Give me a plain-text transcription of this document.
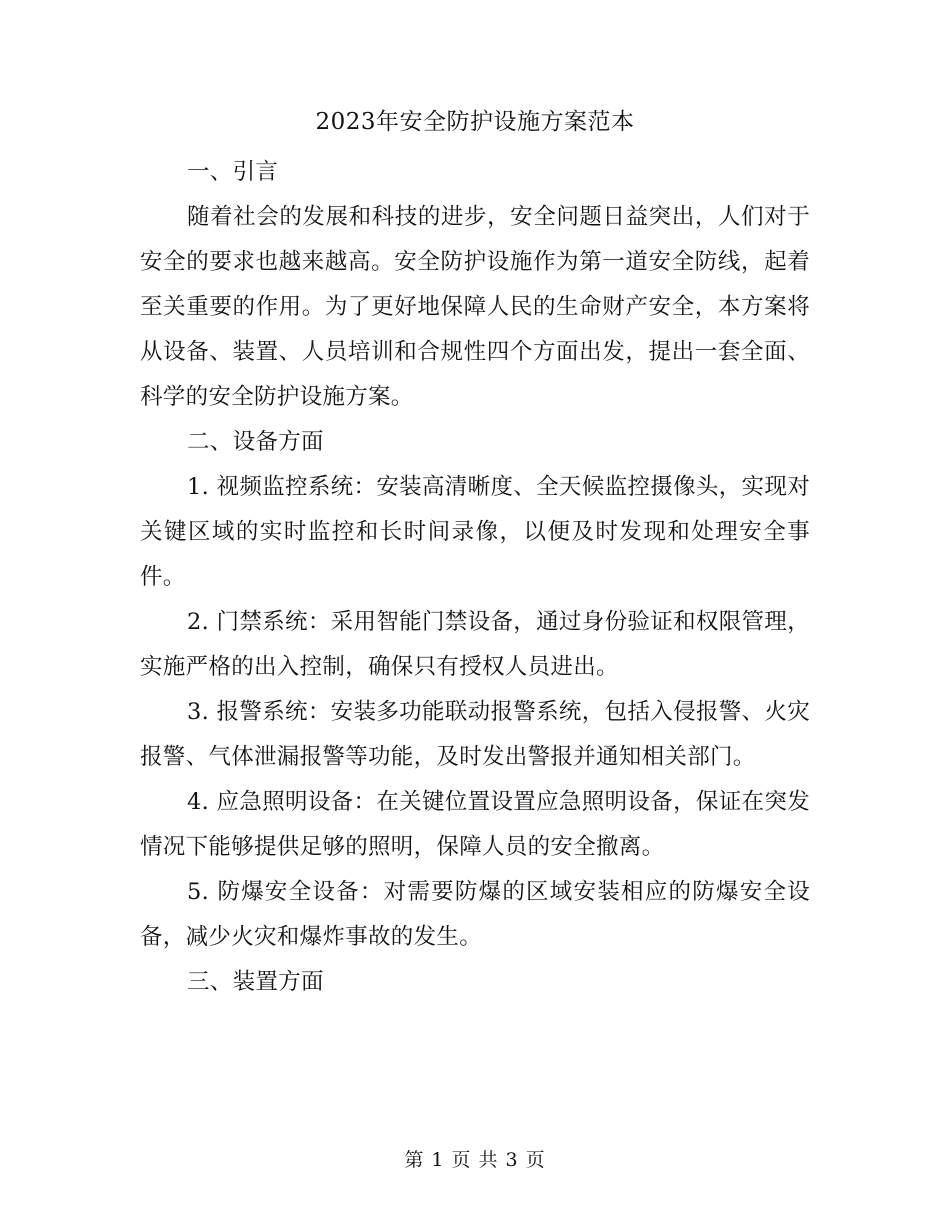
2023年安全防护设施方案范本

一、引言

随着社会的发展和科技的进步，安全问题日益突出，人们对于安全的要求也越来越高。安全防护设施作为第一道安全防线，起着至关重要的作用。为了更好地保障人民的生命财产安全，本方案将从设备、装置、人员培训和合规性四个方面出发，提出一套全面、科学的安全防护设施方案。

二、设备方面

1. 视频监控系统：安装高清晰度、全天候监控摄像头，实现对关键区域的实时监控和长时间录像，以便及时发现和处理安全事件。

2. 门禁系统：采用智能门禁设备，通过身份验证和权限管理，实施严格的出入控制，确保只有授权人员进出。

3. 报警系统：安装多功能联动报警系统，包括入侵报警、火灾报警、气体泄漏报警等功能，及时发出警报并通知相关部门。

4. 应急照明设备：在关键位置设置应急照明设备，保证在突发情况下能够提供足够的照明，保障人员的安全撤离。

5. 防爆安全设备：对需要防爆的区域安装相应的防爆安全设备，减少火灾和爆炸事故的发生。

三、装置方面

第 1 页 共 3 页
